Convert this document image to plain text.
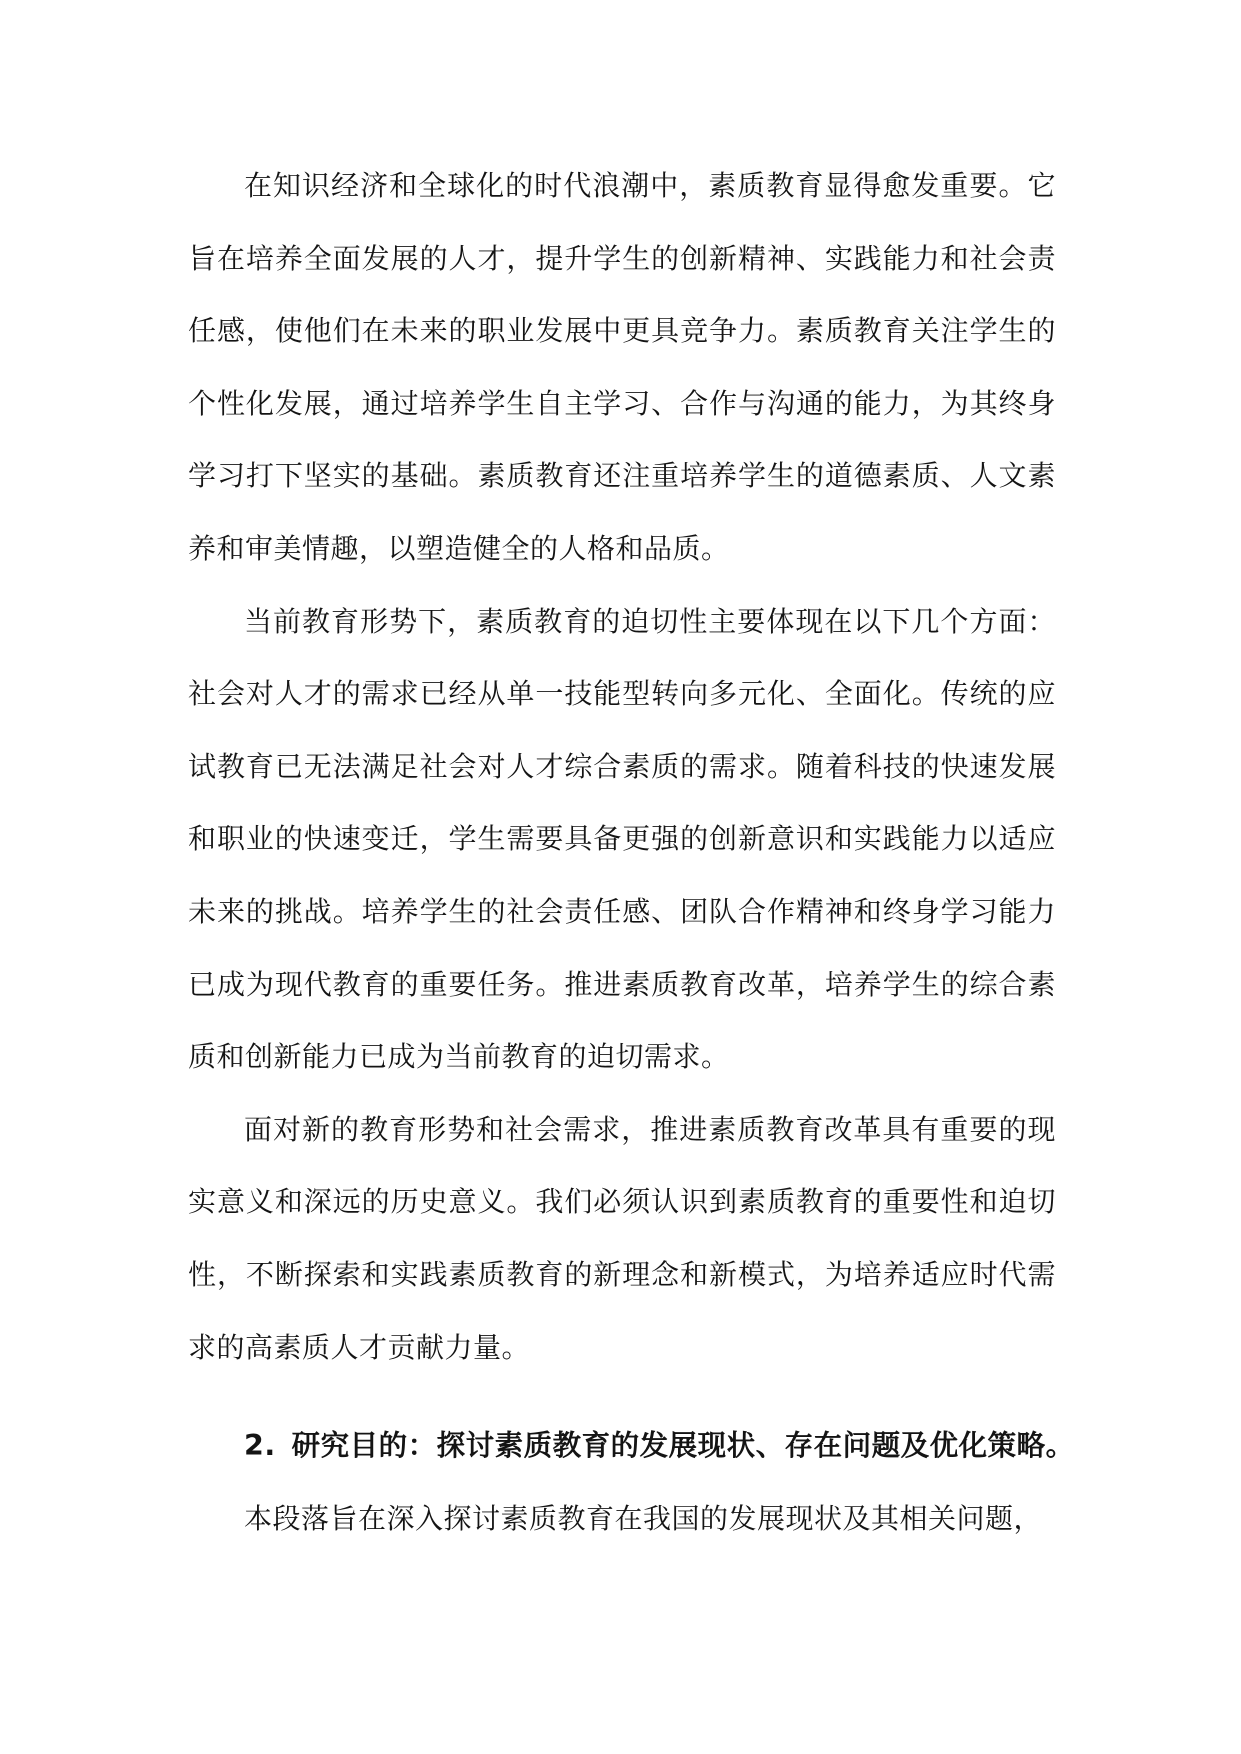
在知识经济和全球化的时代浪潮中，素质教育显得愈发重要。它旨在培养全面发展的人才，提升学生的创新精神、实践能力和社会责任感，使他们在未来的职业发展中更具竞争力。素质教育关注学生的个性化发展，通过培养学生自主学习、合作与沟通的能力，为其终身学习打下坚实的基础。素质教育还注重培养学生的道德素质、人文素养和审美情趣，以塑造健全的人格和品质。

当前教育形势下，素质教育的迫切性主要体现在以下几个方面：社会对人才的需求已经从单一技能型转向多元化、全面化。传统的应试教育已无法满足社会对人才综合素质的需求。随着科技的快速发展和职业的快速变迁，学生需要具备更强的创新意识和实践能力以适应未来的挑战。培养学生的社会责任感、团队合作精神和终身学习能力已成为现代教育的重要任务。推进素质教育改革，培养学生的综合素质和创新能力已成为当前教育的迫切需求。

面对新的教育形势和社会需求，推进素质教育改革具有重要的现实意义和深远的历史意义。我们必须认识到素质教育的重要性和迫切性，不断探索和实践素质教育的新理念和新模式，为培养适应时代需求的高素质人才贡献力量。

2. 研究目的：探讨素质教育的发展现状、存在问题及优化策略。

本段落旨在深入探讨素质教育在我国的发展现状及其相关问题，
